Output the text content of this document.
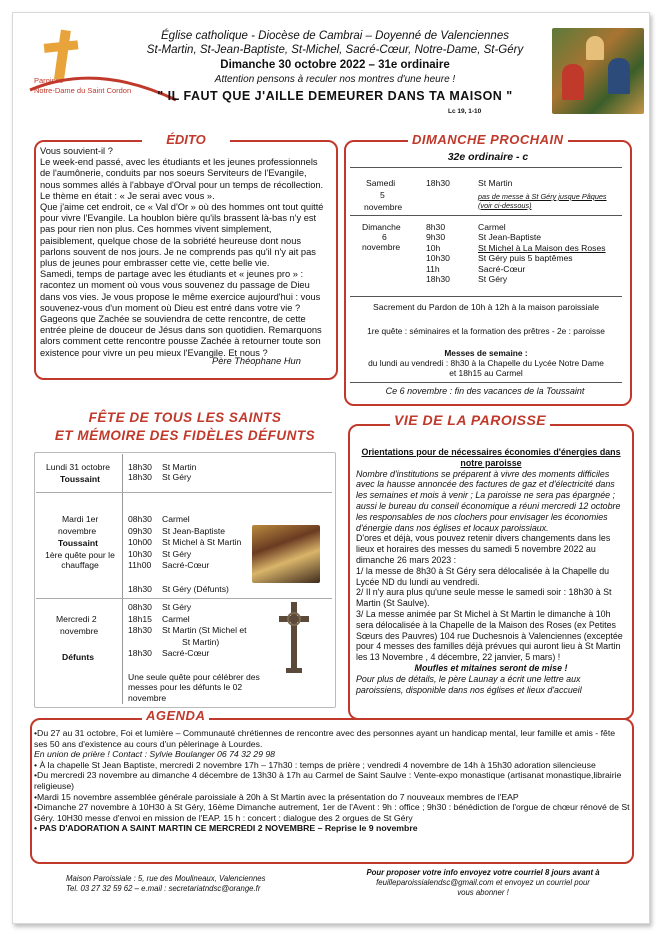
Paroisse
Notre-Dame du Saint Cordon
Église catholique - Diocèse de Cambrai – Doyenné de Valenciennes
St-Martin, St-Jean-Baptiste, St-Michel, Sacré-Cœur, Notre-Dame, St-Géry
Dimanche 30 octobre 2022 – 31e ordinaire
Attention pensons à reculer nos montres d'une heure !
" IL FAUT QUE J'AILLE DEMEURER DANS TA MAISON "
Lc 19, 1-10
ÉDITO

Vous souvient-il ?

Le week-end passé, avec les étudiants et les jeunes professionnels de l'aumônerie, conduits par nos soeurs Serviteurs de l'Evangile, nous sommes allés à l'abbaye d'Orval pour un temps de récollection. Le thème en était : « Je serai avec vous ».

Que j'aime cet endroit, ce « Val d'Or » où des hommes ont tout quitté pour vivre l'Evangile. La houblon bière qu'ils brassent là-bas n'y est pas pour rien non plus. Ces hommes vivent simplement, paisiblement, quelque chose de la sobriété heureuse dont nous parlons souvent de nos jours. Je ne comprends pas qu'il n'y ait pas plus de jeunes pour embrasser cette vie, cette belle vie.

Samedi, temps de partage avec les étudiants et « jeunes pro » : racontez un moment où vous vous souvenez du passage de Dieu dans vos vies. Je vous propose le même exercice aujourd'hui : vous souvenez-vous d'un moment où Dieu est entré dans votre vie ? Gageons que Zachée se souviendra de cette rencontre, de cette entrée pleine de douceur de Jésus dans son quotidien. Remarquons alors comment cette rencontre pousse Zachée à retourner toute son existence pour vivre un peu mieux l'Evangile. Et nous ?

Père Théophane Hun
DIMANCHE PROCHAIN
32e ordinaire - c
Samedi
5
novembre
18h30	St Martin
pas de messe à St Géry jusque Pâques (voir ci-dessous)
Dimanche
6
novembre
8h30
9h30
10h
10h30
11h
18h30
Carmel
St Jean-Baptiste
St Michel à La Maison des Roses
St Géry puis 5 baptêmes
Sacré-Cœur
St Géry
Sacrement du Pardon de 10h à 12h à la maison paroissiale
1re quête : séminaires et la formation des prêtres - 2e : paroisse
Messes de semaine :
du lundi au vendredi : 8h30 à la Chapelle du Lycée Notre Dame et 18h15 au Carmel
Ce 6 novembre : fin des vacances de la Toussaint
FÊTE DE TOUS LES SAINTS
ET MÉMOIRE DES FIDÈLES DÉFUNTS
Lundi 31 octobre
Toussaint
18h30
18h30
St Martin
St Géry
Mardi 1er
novembre
Toussaint
1ère quête pour le chauffage
08h30
09h30
10h00
10h30
11h00
18h30
Carmel
St Jean-Baptiste
St Michel à St Martin
St Géry
Sacré-Cœur
St Géry (Défunts)
Mercredi 2
novembre
Défunts
08h30
18h15
18h30
18h30
St Géry
Carmel
St Martin (St Michel et
St Martin)
Sacré-Cœur
Une seule quête pour célébrer des messes pour les défunts le 02 novembre
VIE DE LA PAROISSE

Orientations pour de nécessaires économies d'énergies dans notre paroisse

Nombre d'institutions se préparent à vivre des moments difficiles avec la hausse annoncée des factures de gaz et d'électricité dans les semaines et mois à venir ; La paroisse ne sera pas épargnée ; aussi le bureau du conseil économique a réuni mercredi 12 octobre les responsables de nos clochers pour envisager les économies d'énergie dans nos églises et locaux paroissiaux.

D'ores et déjà, vous pouvez retenir divers changements dans les lieux et horaires des messes du samedi 5 novembre 2022 au dimanche 26 mars 2023 :

1/ la messe de 8h30 à St Géry sera délocalisée à la Chapelle du Lycée ND du lundi au vendredi.

2/ Il n'y aura plus qu'une seule messe le samedi soir : 18h30 à St Martin (St Saulve).

3/ La messe animée par St Michel à St Martin le dimanche à 10h sera délocalisée à la Chapelle de la Maison des Roses (ex Petites Sœurs des Pauvres) 104 rue Duchesnois à Valenciennes (exceptée pour 4 messes des familles déjà prévues qui auront lieu à St Martin les 13 Novembre , 4 décembre, 22 janvier, 5 mars) !

Moufles et mitaines seront de mise !

Pour plus de détails, le père Launay a écrit une lettre aux paroissiens, disponible dans nos églises et lieux d'accueil

AGENDA

•Du 27 au 31 octobre, Foi et lumière – Communauté chrétiennes de rencontre avec des personnes ayant un handicap mental, leur famille et amis - fête ses 50 ans d'existence au cours d'un pèlerinage à Lourdes.

En union de prière ! Contact : Sylvie Boulanger 06 74 32 29 98

• À la chapelle St Jean Baptiste, mercredi 2 novembre 17h – 17h30 : temps de prière ; vendredi 4 novembre de 14h à 15h30 adoration silencieuse

•Du mercredi 23 novembre au dimanche 4 décembre de 13h30 à 17h au Carmel de Saint Saulve : Vente-expo monastique (artisanat monastique,librairie religieuse)

•Mardi 15 novembre assemblée générale paroissiale à 20h à St Martin avec la présentation do 7 nouveaux membres de l'EAP

•Dimanche 27 novembre à 10H30 à St Géry, 16ème Dimanche autrement, 1er de l'Avent : 9h : office ; 9h30 : bénédiction de l'orgue de chœur rénové de St Géry. 10H30 messe d'envoi en mission de l'EAP. 15 h : concert : dialogue des 2 orgues de St Géry

• PAS D'ADORATION A SAINT MARTIN CE MERCREDI 2 NOVEMBRE – Reprise le 9 novembre

Maison Paroissiale : 5, rue des Moulineaux, Valenciennes
Tel. 03 27 32 59 62 – e.mail : secretariatndsc@orange.fr
Pour proposer votre info envoyez votre courriel 8 jours avant à
feuilleparoissialendsc@gmail.com et envoyez un courriel pour
vous abonner !
